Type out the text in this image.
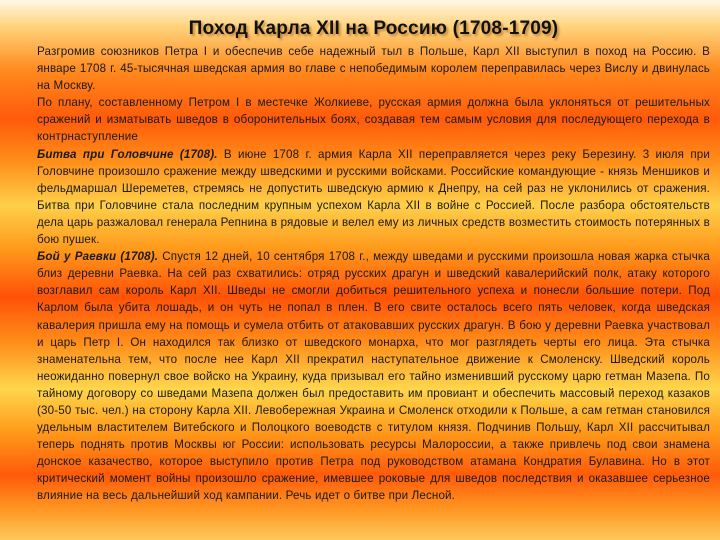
Поход Карла XII на Россию (1708-1709)

Разгромив союзников Петра I и обеспечив себе надежный тыл в Польше, Карл XII выступил в поход на Россию. В январе 1708 г. 45-тысячная шведская армия во главе с непобедимым королем переправилась через Вислу и двинулась на Москву.

По плану, составленному Петром I в местечке Жолкиеве, русская армия должна была уклоняться от решительных сражений и изматывать шведов в оборонительных боях, создавая тем самым условия для последующего перехода в контрнаступление

Битва при Головчине (1708). В июне 1708 г. армия Карла XII переправляется через реку Березину. 3 июля при Головчине произошло сражение между шведскими и русскими войсками. Российские командующие - князь Меншиков и фельдмаршал Шереметев, стремясь не допустить шведскую армию к Днепру, на сей раз не уклонились от сражения. Битва при Головчине стала последним крупным успехом Карла XII в войне с Россией. После разбора обстоятельств дела царь разжаловал генерала Репнина в рядовые и велел ему из личных средств возместить стоимость потерянных в бою пушек.

Бой у Раевки (1708). Спустя 12 дней, 10 сентября 1708 г., между шведами и русскими произошла новая жарка стычка близ деревни Раевка. На сей раз схватились: отряд русских драгун и шведский кавалерийский полк, атаку которого возглавил сам король Карл XII. Шведы не смогли добиться решительного успеха и понесли большие потери. Под Карлом была убита лошадь, и он чуть не попал в плен. В его свите осталось всего пять человек, когда шведская кавалерия пришла ему на помощь и сумела отбить от атаковавших русских драгун. В бою у деревни Раевка участвовал и царь Петр I. Он находился так близко от шведского монарха, что мог разглядеть черты его лица. Эта стычка знаменательна тем, что после нее Карл XII прекратил наступательное движение к Смоленску. Шведский король неожиданно повернул свое войско на Украину, куда призывал его тайно изменивший русскому царю гетман Мазепа. По тайному договору со шведами Мазепа должен был предоставить им провиант и обеспечить массовый переход казаков (30-50 тыс. чел.) на сторону Карла XII. Левобережная Украина и Смоленск отходили к Польше, а сам гетман становился удельным властителем Витебского и Полоцкого воеводств с титулом князя. Подчинив Польшу, Карл XII рассчитывал теперь поднять против Москвы юг России: использовать ресурсы Малороссии, а также привлечь под свои знамена донское казачество, которое выступило против Петра под руководством атамана Кондратия Булавина. Но в этот критический момент войны произошло сражение, имевшее роковые для шведов последствия и оказавшее серьезное влияние на весь дальнейший ход кампании. Речь идет о битве при Лесной.
